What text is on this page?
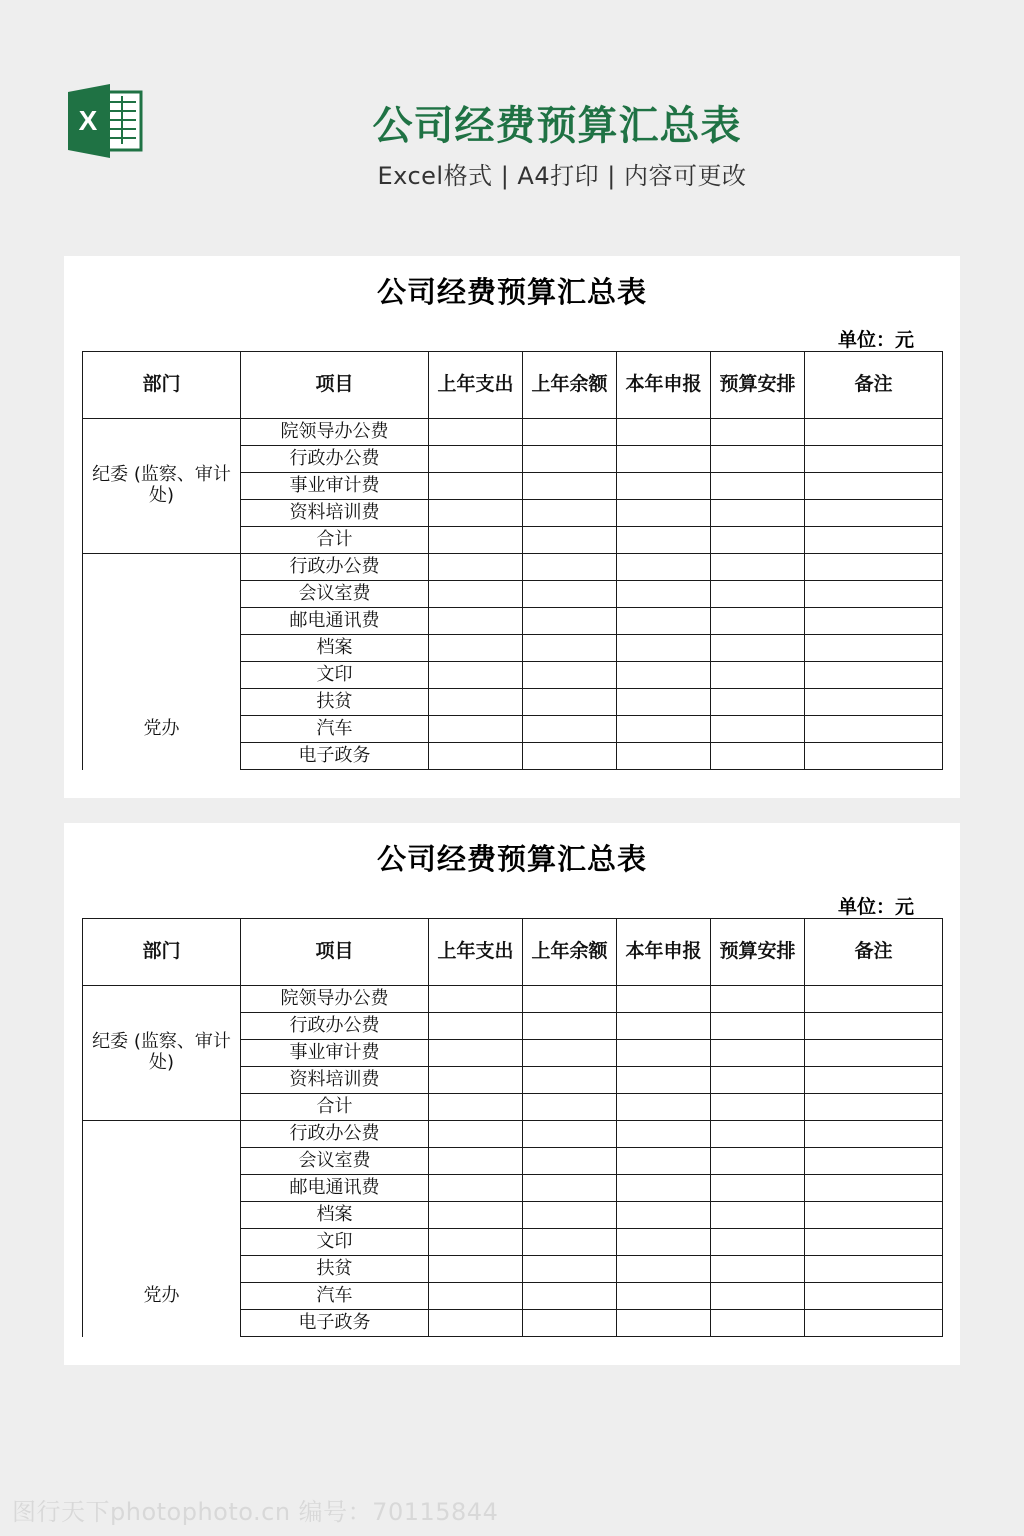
X	公司经费预算汇总表
Excel格式 | A4打印 | 内容可更改
公司经费预算汇总表
单位：元
部门	项目	上年支出	上年余额	本年申报	预算安排	备注
纪委 (监察、审计处)	院领导办公费					
	行政办公费					
	事业审计费					
	资料培训费					
	合计					
党办	行政办公费					
	会议室费					
	邮电通讯费					
	档案					
	文印					
	扶贫					
	汽车					
	电子政务					
公司经费预算汇总表
单位：元
部门	项目	上年支出	上年余额	本年申报	预算安排	备注
纪委 (监察、审计处)	院领导办公费					
	行政办公费					
	事业审计费					
	资料培训费					
	合计					
党办	行政办公费					
	会议室费					
	邮电通讯费					
	档案					
	文印					
	扶贫					
	汽车					
	电子政务					
图行天下photophoto.cn 编号：70115844
